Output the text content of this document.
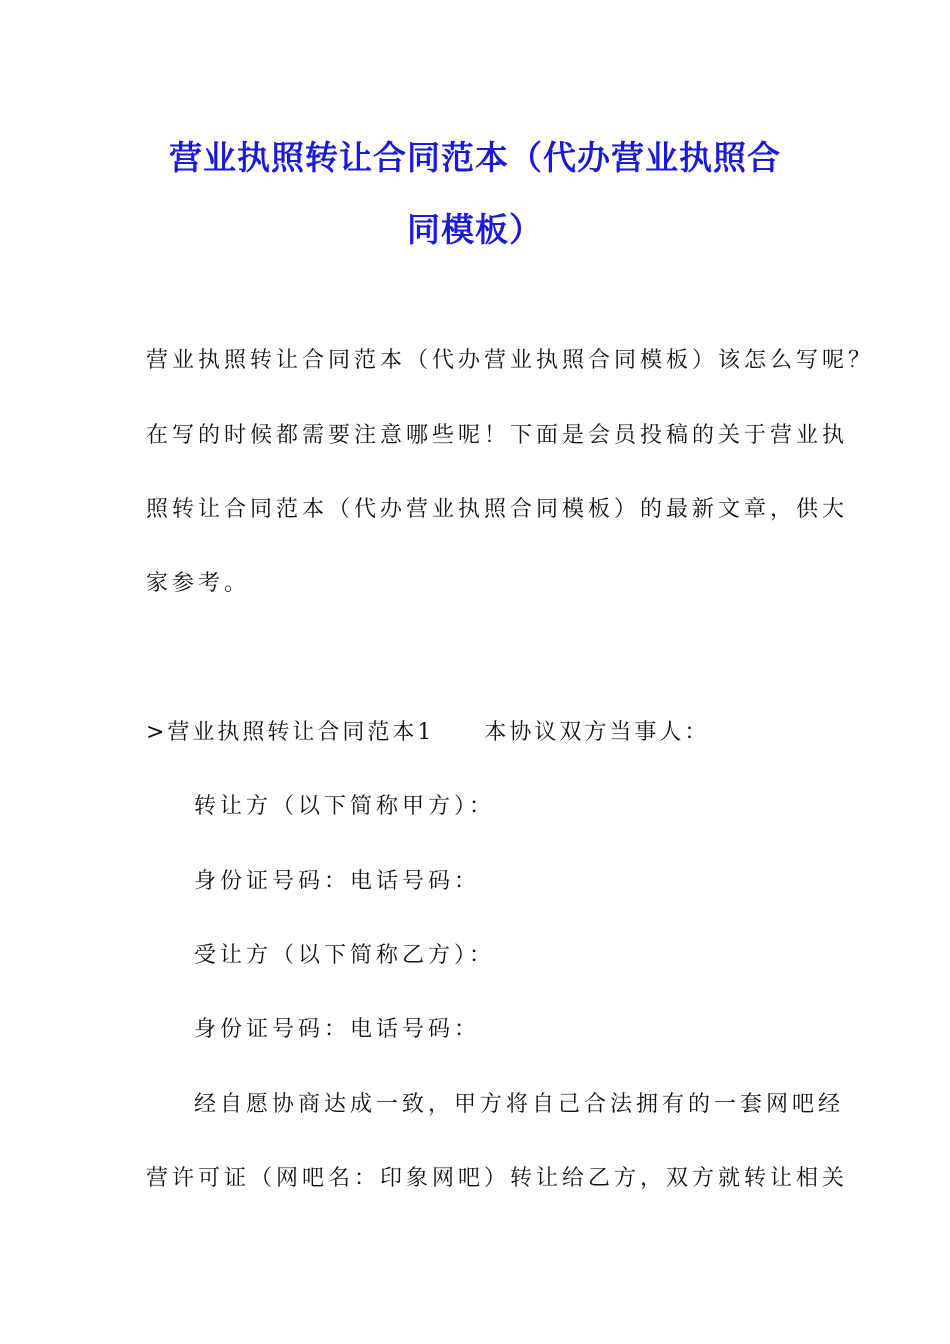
营业执照转让合同范本（代办营业执照合
同模板）
营业执照转让合同范本（代办营业执照合同模板）该怎么写呢？
在写的时候都需要注意哪些呢！下面是会员投稿的关于营业执
照转让合同范本（代办营业执照合同模板）的最新文章，供大
家参考。
>营业执照转让合同范本1　　本协议双方当事人：
转让方（以下简称甲方）：
身份证号码：电话号码：
受让方（以下简称乙方）：
身份证号码：电话号码：
经自愿协商达成一致，甲方将自己合法拥有的一套网吧经
营许可证（网吧名：印象网吧）转让给乙方，双方就转让相关
